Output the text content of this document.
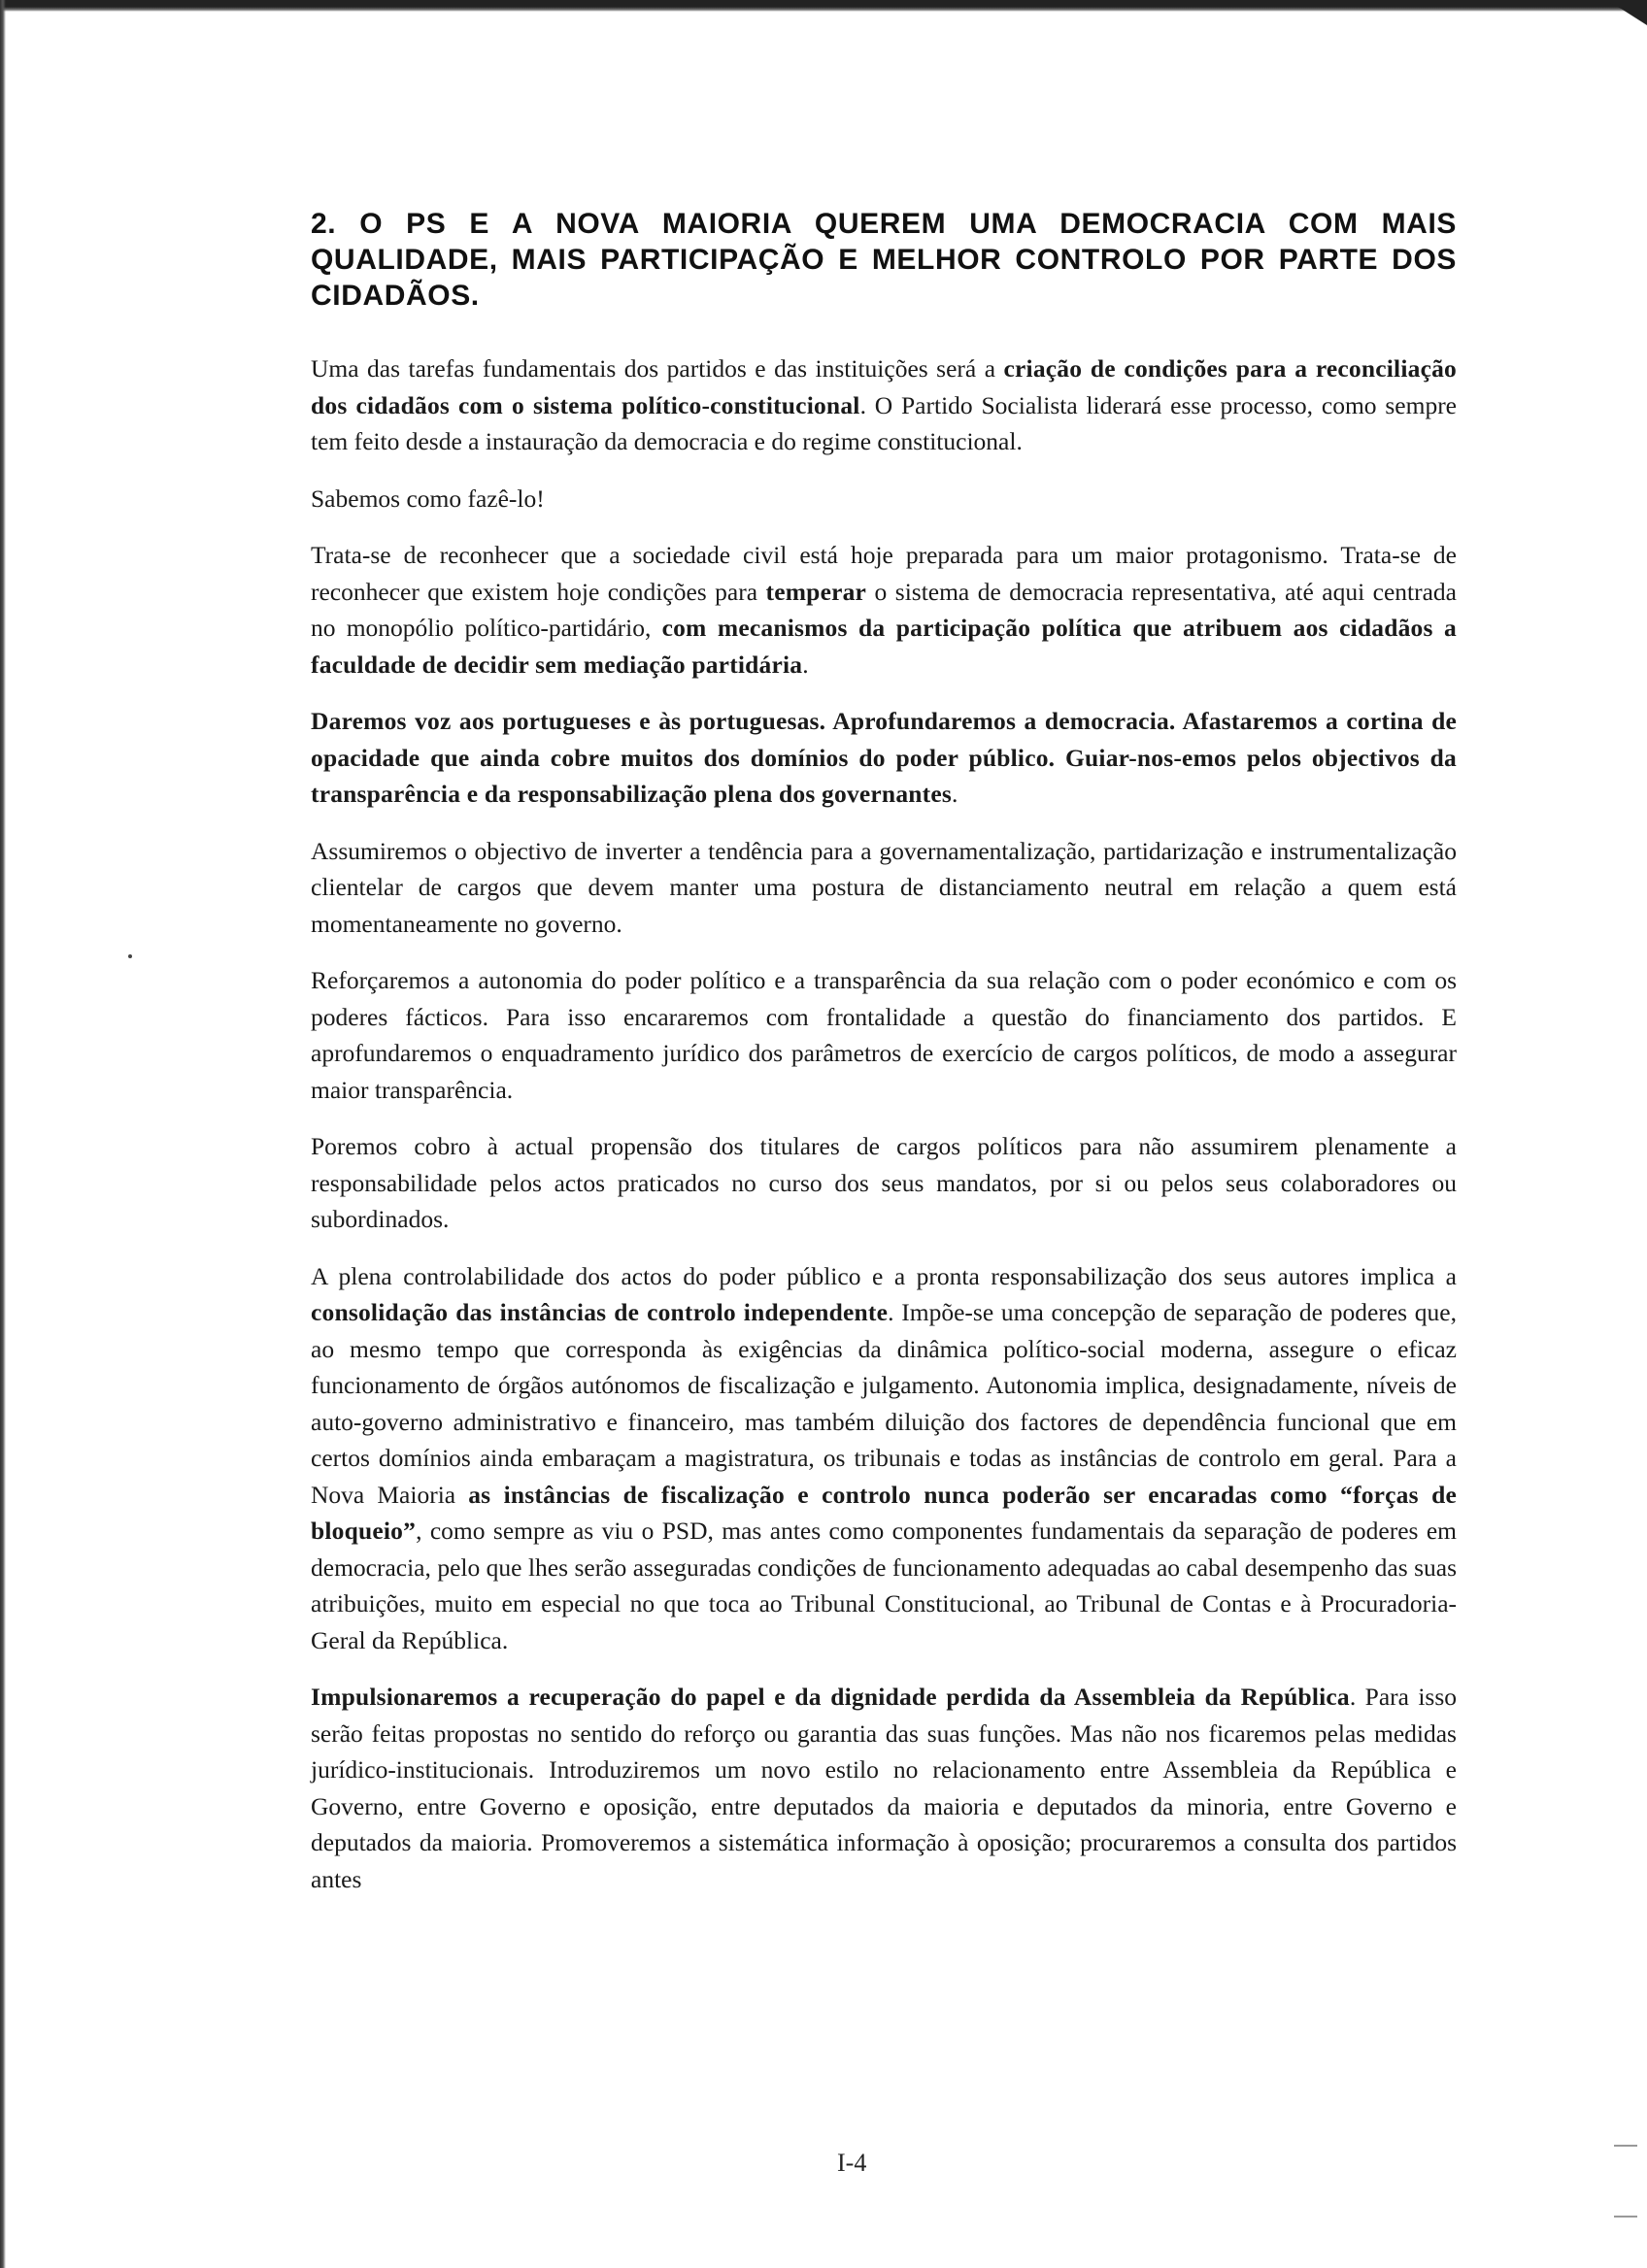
2. O PS E A NOVA MAIORIA QUEREM UMA DEMOCRACIA COM MAIS QUALIDADE, MAIS PARTICIPAÇÃO E MELHOR CONTROLO POR PARTE DOS CIDADÃOS.

Uma das tarefas fundamentais dos partidos e das instituições será a criação de condições para a reconciliação dos cidadãos com o sistema político-constitucional. O Partido Socialista liderará esse processo, como sempre tem feito desde a instauração da democracia e do regime constitucional.

Sabemos como fazê-lo!

Trata-se de reconhecer que a sociedade civil está hoje preparada para um maior protagonismo. Trata-se de reconhecer que existem hoje condições para temperar o sistema de democracia representativa, até aqui centrada no monopólio político-partidário, com mecanismos da participação política que atribuem aos cidadãos a faculdade de decidir sem mediação partidária.

Daremos voz aos portugueses e às portuguesas. Aprofundaremos a democracia. Afastaremos a cortina de opacidade que ainda cobre muitos dos domínios do poder público. Guiar-nos-emos pelos objectivos da transparência e da responsabilização plena dos governantes.

Assumiremos o objectivo de inverter a tendência para a governamentalização, partidarização e instrumentalização clientelar de cargos que devem manter uma postura de distanciamento neutral em relação a quem está momentaneamente no governo.

Reforçaremos a autonomia do poder político e a transparência da sua relação com o poder económico e com os poderes fácticos. Para isso encararemos com frontalidade a questão do financiamento dos partidos. E aprofundaremos o enquadramento jurídico dos parâmetros de exercício de cargos políticos, de modo a assegurar maior transparência.

Poremos cobro à actual propensão dos titulares de cargos políticos para não assumirem plenamente a responsabilidade pelos actos praticados no curso dos seus mandatos, por si ou pelos seus colaboradores ou subordinados.

A plena controlabilidade dos actos do poder público e a pronta responsabilização dos seus autores implica a consolidação das instâncias de controlo independente. Impõe-se uma concepção de separação de poderes que, ao mesmo tempo que corresponda às exigências da dinâmica político-social moderna, assegure o eficaz funcionamento de órgãos autónomos de fiscalização e julgamento. Autonomia implica, designadamente, níveis de auto-governo administrativo e financeiro, mas também diluição dos factores de dependência funcional que em certos domínios ainda embaraçam a magistratura, os tribunais e todas as instâncias de controlo em geral. Para a Nova Maioria as instâncias de fiscalização e controlo nunca poderão ser encaradas como “forças de bloqueio”, como sempre as viu o PSD, mas antes como componentes fundamentais da separação de poderes em democracia, pelo que lhes serão asseguradas condições de funcionamento adequadas ao cabal desempenho das suas atribuições, muito em especial no que toca ao Tribunal Constitucional, ao Tribunal de Contas e à Procuradoria-Geral da República.

Impulsionaremos a recuperação do papel e da dignidade perdida da Assembleia da República. Para isso serão feitas propostas no sentido do reforço ou garantia das suas funções. Mas não nos ficaremos pelas medidas jurídico-institucionais. Introduziremos um novo estilo no relacionamento entre Assembleia da República e Governo, entre Governo e oposição, entre deputados da maioria e deputados da minoria, entre Governo e deputados da maioria. Promoveremos a sistemática informação à oposição; procuraremos a consulta dos partidos antes

I-4
